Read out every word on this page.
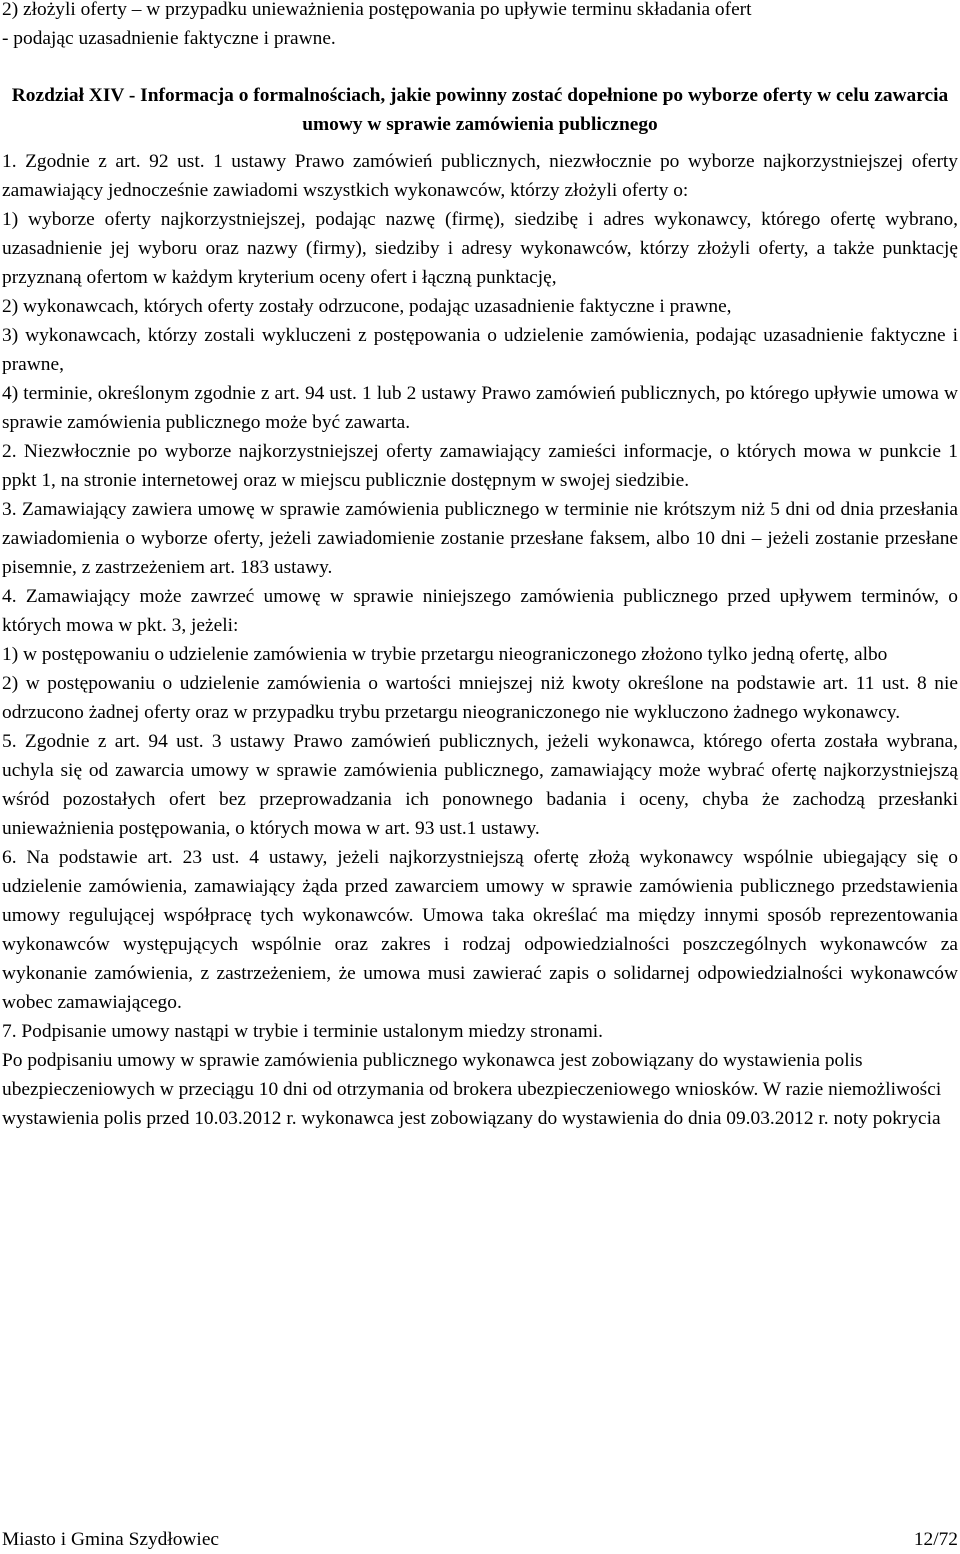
2) złożyli oferty – w przypadku unieważnienia postępowania po upływie terminu składania ofert

- podając uzasadnienie faktyczne i prawne.

Rozdział XIV - Informacja o formalnościach, jakie powinny zostać dopełnione po wyborze oferty w celu zawarcia umowy w sprawie zamówienia publicznego

1. Zgodnie z art. 92 ust. 1 ustawy Prawo zamówień publicznych, niezwłocznie po wyborze najkorzystniejszej oferty zamawiający jednocześnie zawiadomi wszystkich wykonawców, którzy złożyli oferty o:

1) wyborze oferty najkorzystniejszej, podając nazwę (firmę), siedzibę i adres wykonawcy, którego ofertę wybrano, uzasadnienie jej wyboru oraz nazwy (firmy), siedziby i adresy wykonawców, którzy złożyli oferty, a także punktację przyznaną ofertom w każdym kryterium oceny ofert i łączną punktację,

2) wykonawcach, których oferty zostały odrzucone, podając uzasadnienie faktyczne i prawne,

3) wykonawcach, którzy zostali wykluczeni z postępowania o udzielenie zamówienia, podając uzasadnienie faktyczne i prawne,

4) terminie, określonym zgodnie z art. 94 ust. 1 lub 2 ustawy Prawo zamówień publicznych, po którego upływie umowa w sprawie zamówienia publicznego może być zawarta.

2. Niezwłocznie po wyborze najkorzystniejszej oferty zamawiający zamieści informacje, o których mowa w punkcie 1 ppkt 1, na stronie internetowej oraz w miejscu publicznie dostępnym w swojej siedzibie.

3. Zamawiający zawiera umowę w sprawie zamówienia publicznego w terminie nie krótszym niż 5 dni od dnia przesłania zawiadomienia o wyborze oferty, jeżeli zawiadomienie zostanie przesłane faksem, albo 10 dni – jeżeli zostanie przesłane pisemnie, z zastrzeżeniem art. 183 ustawy.

4. Zamawiający może zawrzeć umowę w sprawie niniejszego zamówienia publicznego przed upływem terminów, o których mowa w pkt. 3, jeżeli:

1) w postępowaniu o udzielenie zamówienia w trybie przetargu nieograniczonego złożono tylko jedną ofertę, albo

2) w postępowaniu o udzielenie zamówienia o wartości mniejszej niż kwoty określone na podstawie art. 11 ust. 8 nie odrzucono żadnej oferty oraz w przypadku trybu przetargu nieograniczonego nie wykluczono żadnego wykonawcy.

5. Zgodnie z art. 94 ust. 3 ustawy Prawo zamówień publicznych, jeżeli wykonawca, którego oferta została wybrana, uchyla się od zawarcia umowy w sprawie zamówienia publicznego, zamawiający może wybrać ofertę najkorzystniejszą wśród pozostałych ofert bez przeprowadzania ich ponownego badania i oceny, chyba że zachodzą przesłanki unieważnienia postępowania, o których mowa w art. 93 ust.1 ustawy.

6. Na podstawie art. 23 ust. 4 ustawy, jeżeli najkorzystniejszą ofertę złożą wykonawcy wspólnie ubiegający się o udzielenie zamówienia, zamawiający żąda przed zawarciem umowy w sprawie zamówienia publicznego przedstawienia umowy regulującej współpracę tych wykonawców. Umowa taka określać ma między innymi sposób reprezentowania wykonawców występujących wspólnie oraz zakres i rodzaj odpowiedzialności poszczególnych wykonawców za wykonanie zamówienia, z zastrzeżeniem, że umowa musi zawierać zapis o solidarnej odpowiedzialności wykonawców wobec zamawiającego.

7. Podpisanie umowy nastąpi w trybie i terminie ustalonym miedzy stronami.

Po podpisaniu umowy w sprawie zamówienia publicznego wykonawca jest zobowiązany do wystawienia polis ubezpieczeniowych w przeciągu 10 dni od otrzymania od brokera ubezpieczeniowego wniosków. W razie niemożliwości wystawienia polis przed 10.03.2012 r. wykonawca jest zobowiązany do wystawienia do dnia 09.03.2012 r. noty pokrycia

Miasto i Gmina Szydłowiec	12/72
